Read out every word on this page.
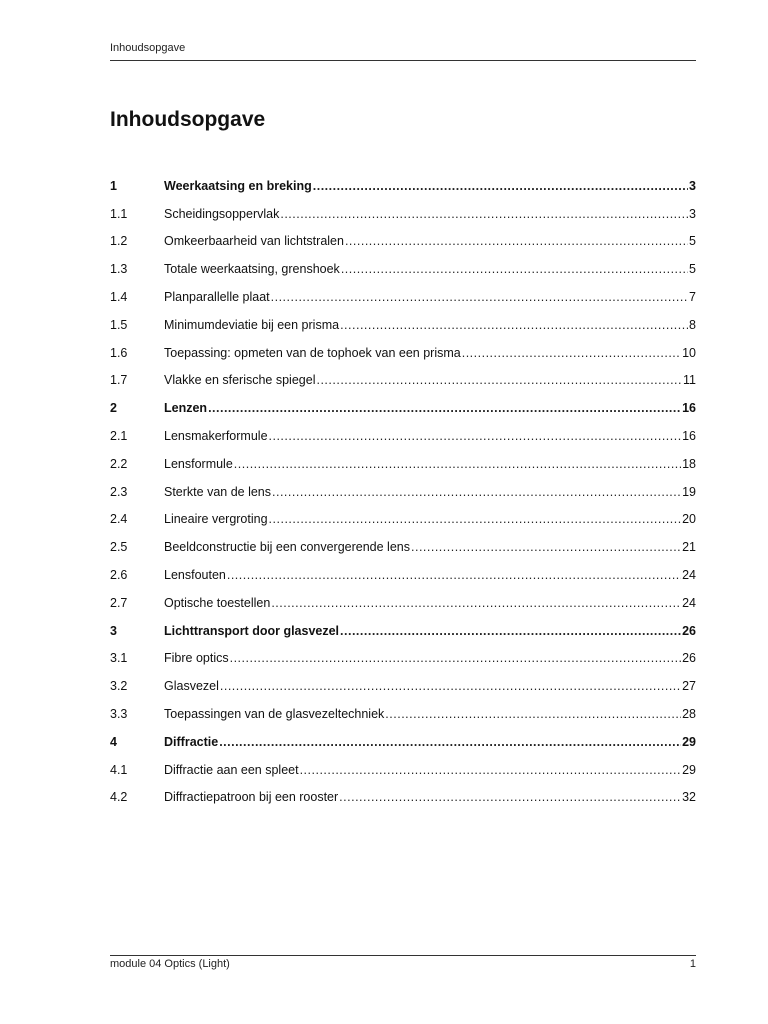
Inhoudsopgave
Inhoudsopgave
1	Weerkaatsing en breking .....	3
1.1	Scheidingsoppervlak .....	3
1.2	Omkeerbaarheid van lichtstralen .....	5
1.3	Totale weerkaatsing, grenshoek .....	5
1.4	Planparallelle plaat .....	7
1.5	Minimumdeviatie bij een prisma .....	8
1.6	Toepassing: opmeten van de tophoek van een prisma .....	10
1.7	Vlakke en sferische spiegel .....	11
2	Lenzen .....	16
2.1	Lensmakerformule .....	16
2.2	Lensformule .....	18
2.3	Sterkte van de lens .....	19
2.4	Lineaire vergroting .....	20
2.5	Beeldconstructie bij een convergerende lens .....	21
2.6	Lensfouten .....	24
2.7	Optische toestellen .....	24
3	Lichttransport door glasvezel .....	26
3.1	Fibre optics .....	26
3.2	Glasvezel .....	27
3.3	Toepassingen van de glasvezeltechniek .....	28
4	Diffractie .....	29
4.1	Diffractie aan een spleet .....	29
4.2	Diffractiepatroon bij een rooster .....	32
module 04 Optics (Light)	1
